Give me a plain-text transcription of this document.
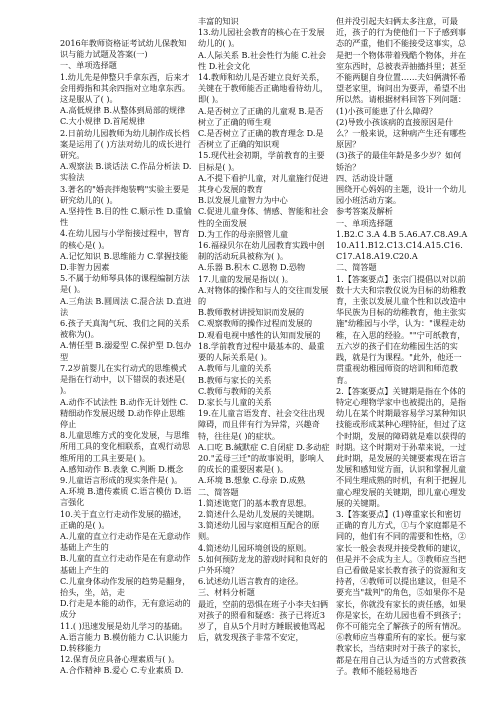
2016年教师资格证考试幼儿保教知识与能力试题及答案(一)
一、单项选择题
1.幼儿先是伸整只手拿东西，后来才会用拇指和其余四指对立地拿东西。这是服从了( )。
A.高低规律 B.从整体到局部的规律
C.大小规律 D.首尾规律
2.日前幼儿园教师为幼儿制作成长档案是运用了( )方法对幼儿的成长进行研究。
A.观察法 B.谈话法 C.作品分析法 D.实验法
3.著名的"婚丧拌炮装鸭"实验主要是研究幼儿的( )。
A.坚持性 B.目的性 C.顺示性 D.重愉性
4.在幼儿园与小学衔接过程中，智育的核心是( )。
A.记忆知识 B.思维能力 C.掌握技能 D.非智力因素
5.不属于幼师琴具体的课程编制方法是( )。
A.三角法 B.圆周法 C.混合法 D.直进法
6.孩子天真淘气玩、我们之间的关系被称为()。
A.情任型 B.溺爱型 C.保护型 D.包办型
7.2岁前婴儿在实行动式的思维模式是指在行动中，以下错误的表述是( )。
A.动作不试法性 B.动作无计划性 C.精细动作发展迟缓 D.动作停止思维停止
8.儿童思维方式的变化发展，与思维所用工具的变化相联系，直观行动思维所用的工具主要是( )。
A.感知动作 B.表象 C.判断 D.概念
9.儿童语言形成的现实条件是( )。
A.环境 B.遗传素质 C.语言模仿 D.语言强化
10.关于直立行走动作发展的描述，正确的是( )。
A.儿童的直立行走动作是在无意动作基础上产生的
B.儿童的直立行走动作是在有意动作基础上产生的
C.儿童身体动作发展的趋势是翻身，抬头，坐，站，走
D.行走是本能的动作，无有意运动的成分
11.( )迅速发展是幼儿学习的基础。
A.语言能力 B.模仿能力 C.认识能力 D.转移能力
12.保育员应具备心理素质与( )。
A.合作精神 B.爱心 C.专业素质 D.
丰富的知识
13.幼儿园社会教育的核心在于发展幼儿的( )。
A.人际关系 B.社会性行为能 C.社会性 D.社会文化
14.教师和幼儿是否建立良好关系，关键在于教师能否正确地看待幼儿，即( )。
A.是否树立了正确的儿童观 B.是否树立了正确的师生观
C.是否树立了正确的教育理念 D.是否树立了正确的知识观
15.现代社会初期，学前教育的主要目标是( )。
A.不提下看护儿童，对儿童施行促进其身心发展的教育
B.以发展儿童智力为中心
C.促进儿童身体、情感、智能和社会性的全面发展
D.为工作的母亲照管儿童
16.福禄贝尔在幼儿园教育实践中创制的活动玩具被称为( )。
A.乐器 B.积木 C.恩物 D.恐物
17.儿童的发展是指以( )。
A.对物体的操作和与人的交往而发展的
B.教师教材讲授知识而发展的
C.观察教师的操作过程而发展的
D.观看电视中感性的认知而发展的
18.学前教育过程中最基本的、最重要的人际关系是( )。
A.教师与儿童的关系
B.教师与家长的关系
C.教师与教师的关系
D.家长与儿童的关系
19.在儿童言语发育、社会交往出现障碍，而且伴有行为异常，兴趣奇特，往往是( )的症状。
A.口吃 B.缄默症 C.自闭症 D.多动症
20."孟母三迁"的故事说明，影响人的成长的重要因素是( )。
A.环境 B.想象 C.母亲 D.成熟
二、简答题
1.简述诡宽门的基本教育思想。
2.简述什么是幼儿发展的关键期。
3.简述幼儿园与家庭相互配合的原则。
4.简述幼儿园环境创设的原则。
5.如何预防龙龙的游戏时间和良好的户外环境？
6.试述幼儿语言教育的途径。
三、材料分析题
最近，空前的恐惧在班子小李夫妇俩对孩子的照看和疑惑：孩子已将近3岁了，自从5个月时方睡眠被他骂起后，就发现孩子非常不安定，
但并没引起夫妇俩太多注意，可最近，孩子的行为使他们一下子感到事态的严重，他们不能接受这事实，总是把一个物体带着残酷个物体，并在室东西时，总被表弄抽搐抖里；甚至不能两腿自身位置……夫妇俩满怀希望老家里，询问出为要弄，希望不出所以然。请根据材料回答下列问题：
(1)小孩可能患了什么障碍？
(2)导致小孩该病的直接原因是什么？一般来说，这种病产生还有哪些原因？
(3)孩子的最佳年龄是多少岁？如何矫治？
四、活动设计题
围绕开心妈妈的主题，设计一个幼儿园小班活动方案。
参考答案及解析
一、单项选择题
1.B2.C 3.A 4.B 5.A6.A7.C8.A9.A10.A11.B12.C13.C14.A15.C16.C17.A18.A19.C20.A
二、简答题
1.【答案要点】张宗门提倡以对以前数十大夫和宗教仪说为目标的幼稚教育，主张以发展儿童个性和以改造中华民族为目标的幼稚教育，他主张实施"幼稚园与小学，认为："课程走幼稚，在入思的经验。""宁可纸教育，五六岁的孩子们在幼稚园生活的实践，就是行为课程。"此外，他还一贯重视幼稚园师资的培训和师范教育。
2.【答案要点】关键期是指在个体的特定心理物学家中也被提出的，是指幼儿在某个时期最容易学习某种知识技能或形成某种心理特征，但过了这个时期，发展的障碍就是难以获得的时期。这个时期对于孙辈来说，一过此时期，是发展的关键要素现在语言发展和感知觉方面，认识和掌握儿童不同生理成熟的时机，有利于把握儿童心理发展的关键期，即儿童心理发展的关键期。
3.【答案要点】(1)尊重家长和密切正确的育儿方式，①与个家庭都是不同的，他们有不同的需要和性格，②家长一般会表现并接受教师的建议，但是并不会成为主人。③教师应当把自己看做是家长教育孩子的资源和支持者，④教师可以提出建议，但是不要充当"裁判"的角色，⑤如果你不是家长，你就没有家长的责任感，如果你是家长，在幼儿园也看不到孩子；你不可能完全了解孩子的所有情况。⑥教师应当尊重所有的家长。便与家教家长，当结束时对于孩子的家长，都是在用自己认为适当的方式营救孩子。教师不能轻易地否
